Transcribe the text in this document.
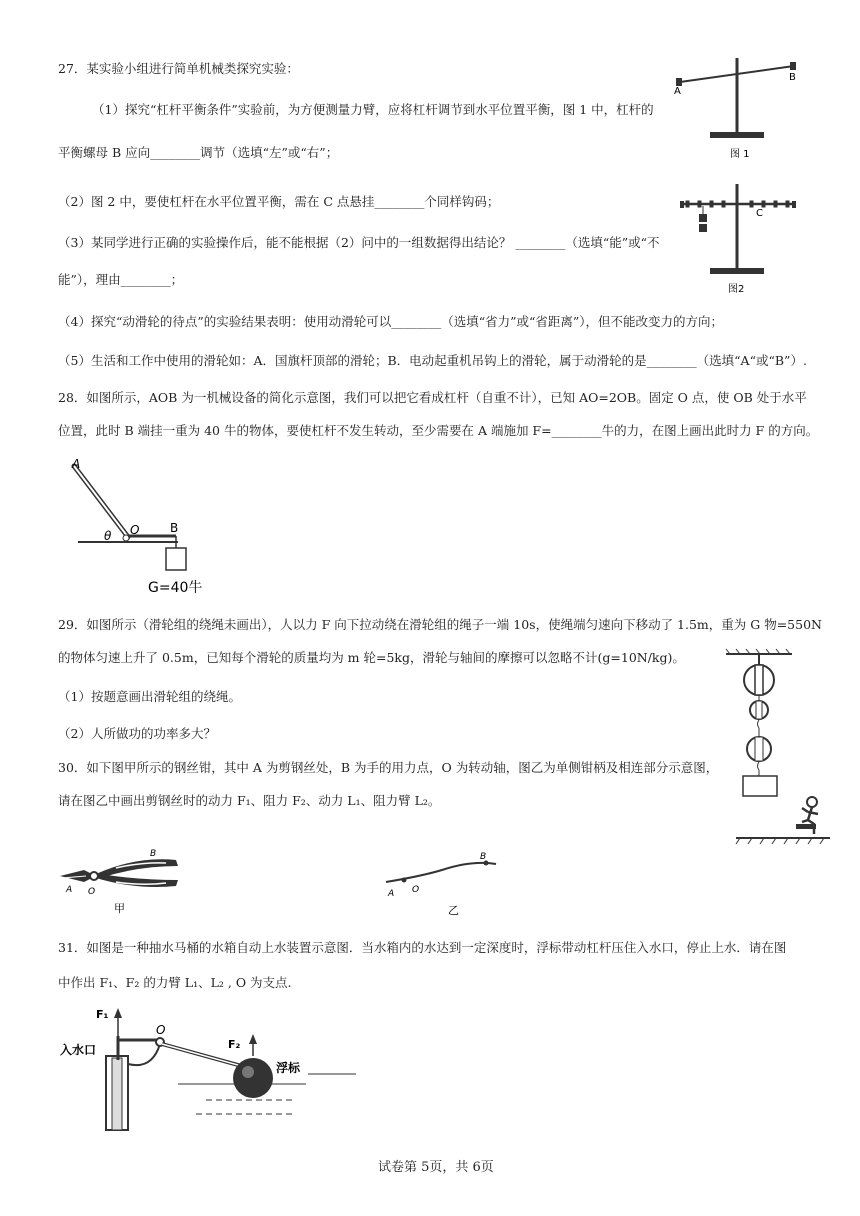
27．某实验小组进行简单机械类探究实验：
（1）探究“杠杆平衡条件”实验前，为方便测量力臂，应将杠杆调节到水平位置平衡，图 1 中，杠杆的
平衡螺母 B 应向________调节（选填“左”或“右”；
（2）图 2 中，要使杠杆在水平位置平衡，需在 C 点悬挂________个同样钩码；
（3）某同学进行正确的实验操作后，能不能根据（2）问中的一组数据得出结论？ ________（选填“能”或“不
能”），理由________；
（4）探究“动滑轮的待点”的实验结果表明：使用动滑轮可以________（选填“省力”或“省距离”），但不能改变力的方向；
（5）生活和工作中使用的滑轮如：A．国旗杆顶部的滑轮；B．电动起重机吊钩上的滑轮，属于动滑轮的是________（选填“A“或“B”）.
A
B
图 1
C
图2
28．如图所示，AOB 为一机械设备的简化示意图，我们可以把它看成杠杆（自重不计），已知 AO=2OB。固定 O 点，使 OB 处于水平
位置，此时 B 端挂一重为 40 牛的物体，要使杠杆不发生转动，至少需要在 A 端施加 F=________牛的力，在图上画出此时力 F 的方向。
A
O	B
θ
G=40牛
29．如图所示（滑轮组的绕绳未画出），人以力 F 向下拉动绕在滑轮组的绳子一端 10s，使绳端匀速向下移动了 1.5m，重为 G 物=550N
的物体匀速上升了 0.5m，已知每个滑轮的质量均为 m 轮=5kg，滑轮与轴间的摩擦可以忽略不计(g=10N/kg)。
（1）按题意画出滑轮组的绕绳。
（2）人所做功的功率多大？
30．如下图甲所示的钢丝钳，其中 A 为剪钢丝处，B 为手的用力点，O 为转动轴，图乙为单侧钳柄及相连部分示意图，
请在图乙中画出剪钢丝时的动力 F₁、阻力 F₂、动力 L₁、阻力臂 L₂。
B
A O
甲
B
A O
乙
31．如图是一种抽水马桶的水箱自动上水装置示意图．当水箱内的水达到一定深度时，浮标带动杠杆压住入水口，停止上水．请在图
中作出 F₁、F₂ 的力臂 L₁、L₂ , O 为支点.
F₁
入水口
O
F₂
浮标
试卷第 5页，共 6页
